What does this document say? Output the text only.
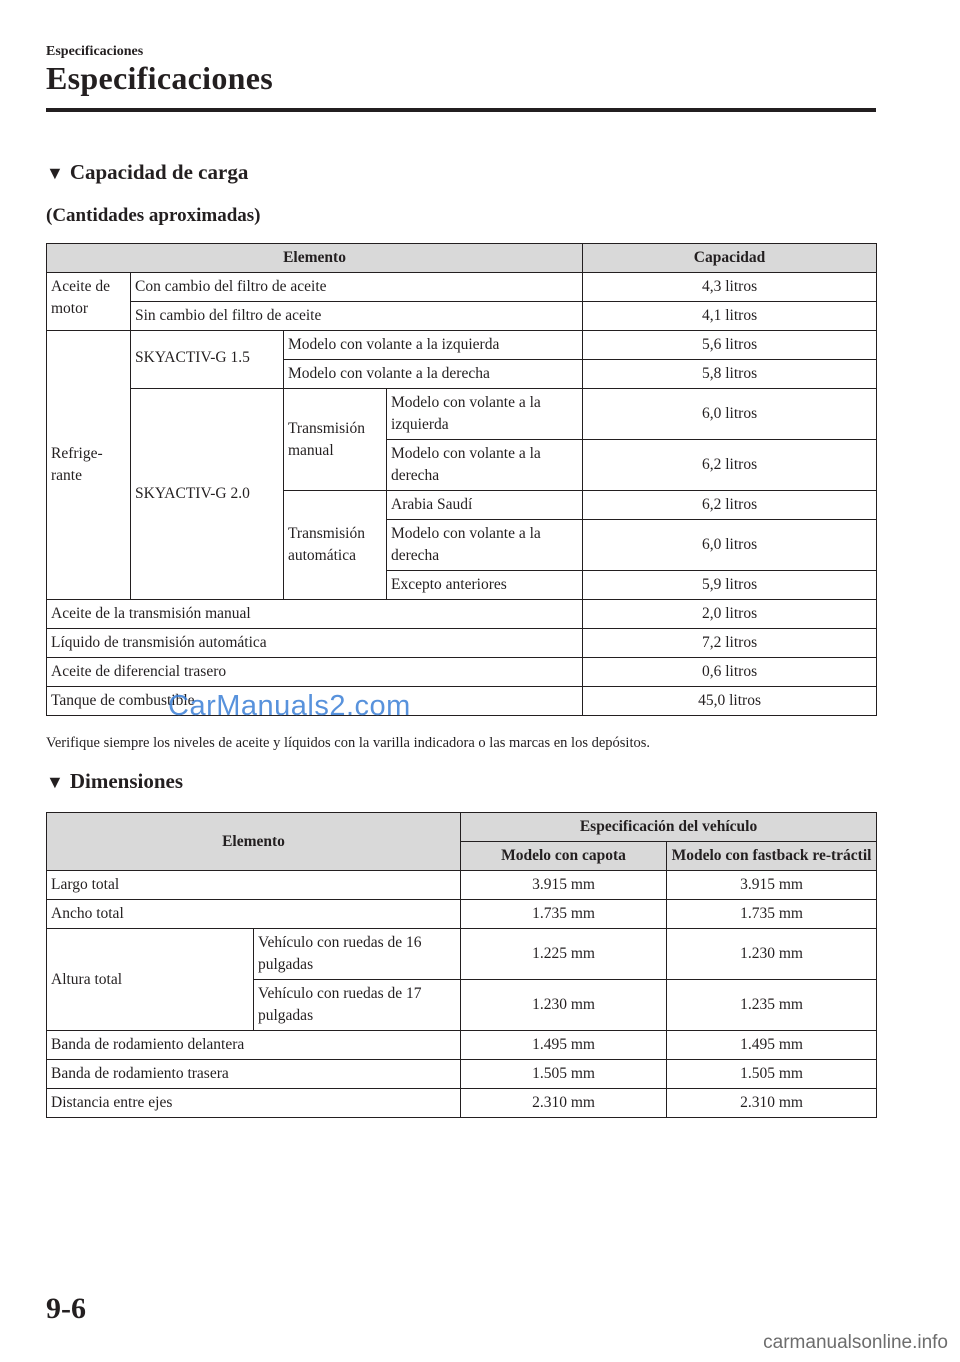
Especificaciones
Especificaciones
▼ Capacidad de carga
(Cantidades aproximadas)
Elemento				Capacidad
Aceite de motor	Con cambio del filtro de aceite			4,3 litros
	Sin cambio del filtro de aceite			4,1 litros
Refrige-rante	SKYACTIV-G 1.5	Modelo con volante a la izquierda		5,6 litros
		Modelo con volante a la derecha		5,8 litros
	SKYACTIV-G 2.0	Transmisión manual	Modelo con volante a la izquierda	6,0 litros
			Modelo con volante a la derecha	6,2 litros
		Transmisión automática	Arabia Saudí	6,2 litros
			Modelo con volante a la derecha	6,0 litros
			Excepto anteriores	5,9 litros
Aceite de la transmisión manual				2,0 litros
Líquido de transmisión automática				7,2 litros
Aceite de diferencial trasero				0,6 litros
Tanque de combustible				45,0 litros
CarManuals2.com
Verifique siempre los niveles de aceite y líquidos con la varilla indicadora o las marcas en los depósitos.
▼ Dimensiones
Elemento		Especificación del vehículo	
		Modelo con capota	Modelo con fastback re-tráctil
Largo total		3.915 mm	3.915 mm
Ancho total		1.735 mm	1.735 mm
Altura total	Vehículo con ruedas de 16 pulgadas	1.225 mm	1.230 mm
	Vehículo con ruedas de 17 pulgadas	1.230 mm	1.235 mm
Banda de rodamiento delantera		1.495 mm	1.495 mm
Banda de rodamiento trasera		1.505 mm	1.505 mm
Distancia entre ejes		2.310 mm	2.310 mm
9-6
carmanualsonline.info
